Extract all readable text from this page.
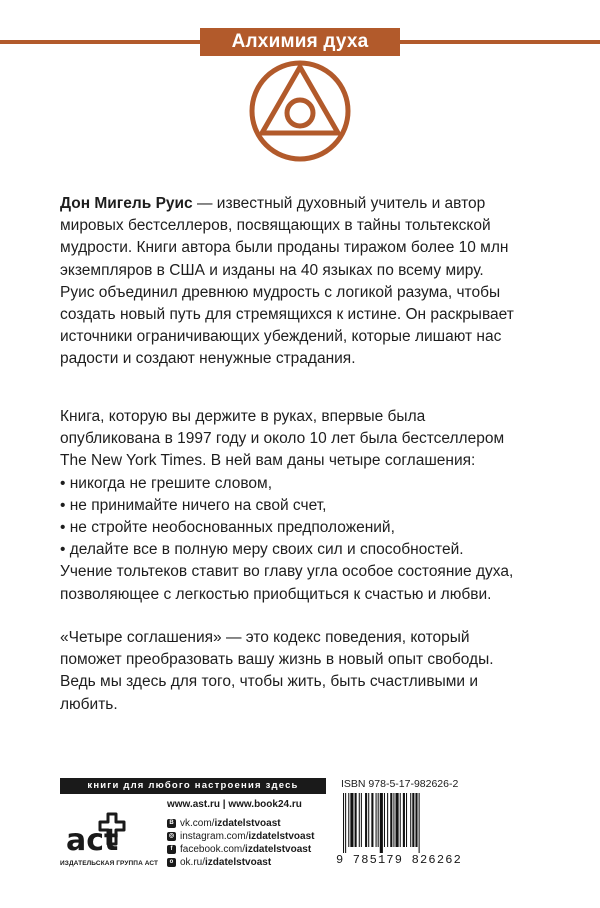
Алхимия духа

Дон Мигель Руис — известный духовный учитель и автор

мировых бестселлеров, посвящающих в тайны тольтекской

мудрости. Книги автора были проданы тиражом более 10 млн

экземпляров в США и изданы на 40 языках по всему миру.

Руис объединил древнюю мудрость с логикой разума, чтобы

создать новый путь для стремящихся к истине. Он раскрывает

источники ограничивающих убеждений, которые лишают нас

радости и создают ненужные страдания.

Книга, которую вы держите в руках, впервые была

опубликована в 1997 году и около 10 лет была бестселлером

The New York Times. В ней вам даны четыре соглашения:

• никогда не грешите словом,

• не принимайте ничего на свой счет,

• не стройте необоснованных предположений,

• делайте все в полную меру своих сил и способностей.

Учение тольтеков ставит во главу угла особое состояние духа,

позволяющее с легкостью приобщиться к счастью и любви.

«Четыре соглашения» — это кодекс поведения, который

поможет преобразовать вашу жизнь в новый опыт свободы.

Ведь мы здесь для того, чтобы жить, быть счастливыми и

любить.

книги для любого настроения здесь
act
ИЗДАТЕЛЬСКАЯ ГРУППА АСТ
www.ast.ru | www.book24.ru
B vk.com/ izdatelstvoast
◎ instagram.com/ izdatelstvoast
f facebook.com/ izdatelstvoast
o ok.ru/ izdatelstvoast
ISBN 978-5-17-982626-2
9 785179 826262
